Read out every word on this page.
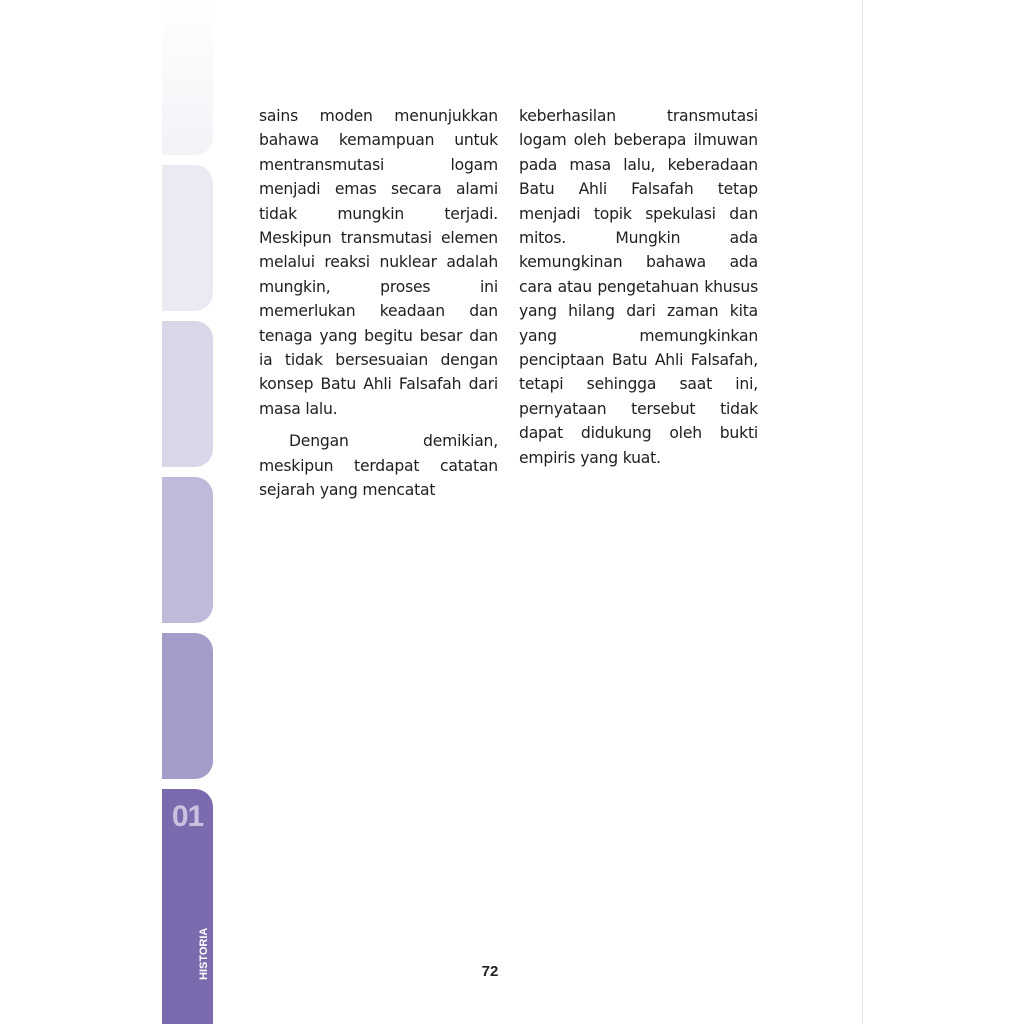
01
HISTORIA

sains moden menunjukkan bahawa kemampuan untuk mentransmutasi logam menjadi emas secara alami tidak mungkin terjadi. Meskipun transmutasi elemen melalui reaksi nuklear adalah mungkin, proses ini memerlukan keadaan dan tenaga yang begitu besar dan ia tidak bersesuaian dengan konsep Batu Ahli Falsafah dari masa lalu.

Dengan demikian, meskipun terdapat catatan sejarah yang mencatat

keberhasilan transmutasi logam oleh beberapa ilmuwan pada masa lalu, keberadaan Batu Ahli Falsafah tetap menjadi topik spekulasi dan mitos. Mungkin ada kemungkinan bahawa ada cara atau pengetahuan khusus yang hilang dari zaman kita yang memungkinkan penciptaan Batu Ahli Falsafah, tetapi sehingga saat ini, pernyataan tersebut tidak dapat didukung oleh bukti empiris yang kuat.

72
